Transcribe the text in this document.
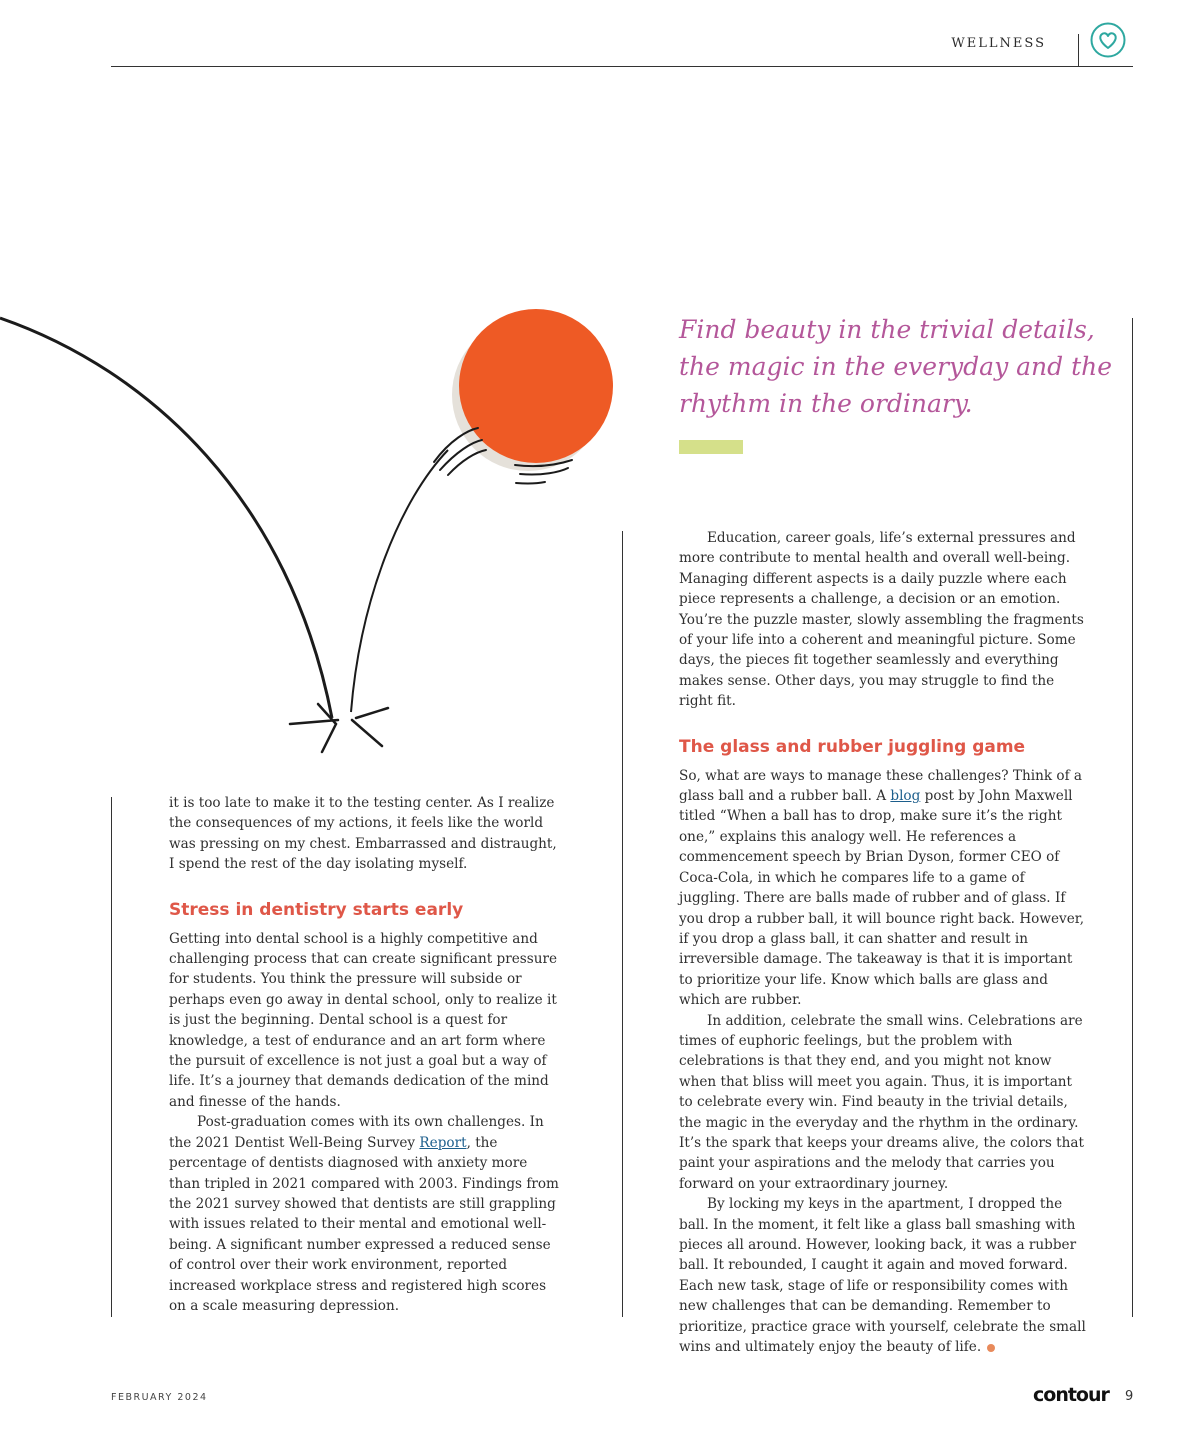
WELLNESS

Find beauty in the trivial details, the magic in the everyday and the rhythm in the ordinary.

it is too late to make it to the testing center. As I realize the consequences of my actions, it feels like the world was pressing on my chest. Embarrassed and distraught, I spend the rest of the day isolating myself.

Stress in dentistry starts early

Getting into dental school is a highly competitive and challenging process that can create significant pressure for students. You think the pressure will subside or perhaps even go away in dental school, only to realize it is just the beginning. Dental school is a quest for knowledge, a test of endurance and an art form where the pursuit of excellence is not just a goal but a way of life. It’s a journey that demands dedication of the mind and finesse of the hands.

Post-graduation comes with its own challenges. In the 2021 Dentist Well-Being Survey Report, the percentage of dentists diagnosed with anxiety more than tripled in 2021 compared with 2003. Findings from the 2021 survey showed that dentists are still grappling with issues related to their mental and emotional well-being. A significant number expressed a reduced sense of control over their work environment, reported increased workplace stress and registered high scores on a scale measuring depression.

Education, career goals, life’s external pressures and more contribute to mental health and overall well-being. Managing different aspects is a daily puzzle where each piece represents a challenge, a decision or an emotion. You’re the puzzle master, slowly assembling the fragments of your life into a coherent and meaningful picture. Some days, the pieces fit together seamlessly and everything makes sense. Other days, you may struggle to find the right fit.

The glass and rubber juggling game

So, what are ways to manage these challenges? Think of a glass ball and a rubber ball. A blog post by John Maxwell titled “When a ball has to drop, make sure it’s the right one,” explains this analogy well. He references a commencement speech by Brian Dyson, former CEO of Coca-Cola, in which he compares life to a game of juggling. There are balls made of rubber and of glass. If you drop a rubber ball, it will bounce right back. However, if you drop a glass ball, it can shatter and result in irreversible damage. The takeaway is that it is important to prioritize your life. Know which balls are glass and which are rubber.

In addition, celebrate the small wins. Celebrations are times of euphoric feelings, but the problem with celebrations is that they end, and you might not know when that bliss will meet you again. Thus, it is important to celebrate every win. Find beauty in the trivial details, the magic in the everyday and the rhythm in the ordinary. It’s the spark that keeps your dreams alive, the colors that paint your aspirations and the melody that carries you forward on your extraordinary journey.

By locking my keys in the apartment, I dropped the ball. In the moment, it felt like a glass ball smashing with pieces all around. However, looking back, it was a rubber ball. It rebounded, I caught it again and moved forward. Each new task, stage of life or responsibility comes with new challenges that can be demanding. Remember to prioritize, practice grace with yourself, celebrate the small wins and ultimately enjoy the beauty of life.

FEBRUARY 2024	contour 9
